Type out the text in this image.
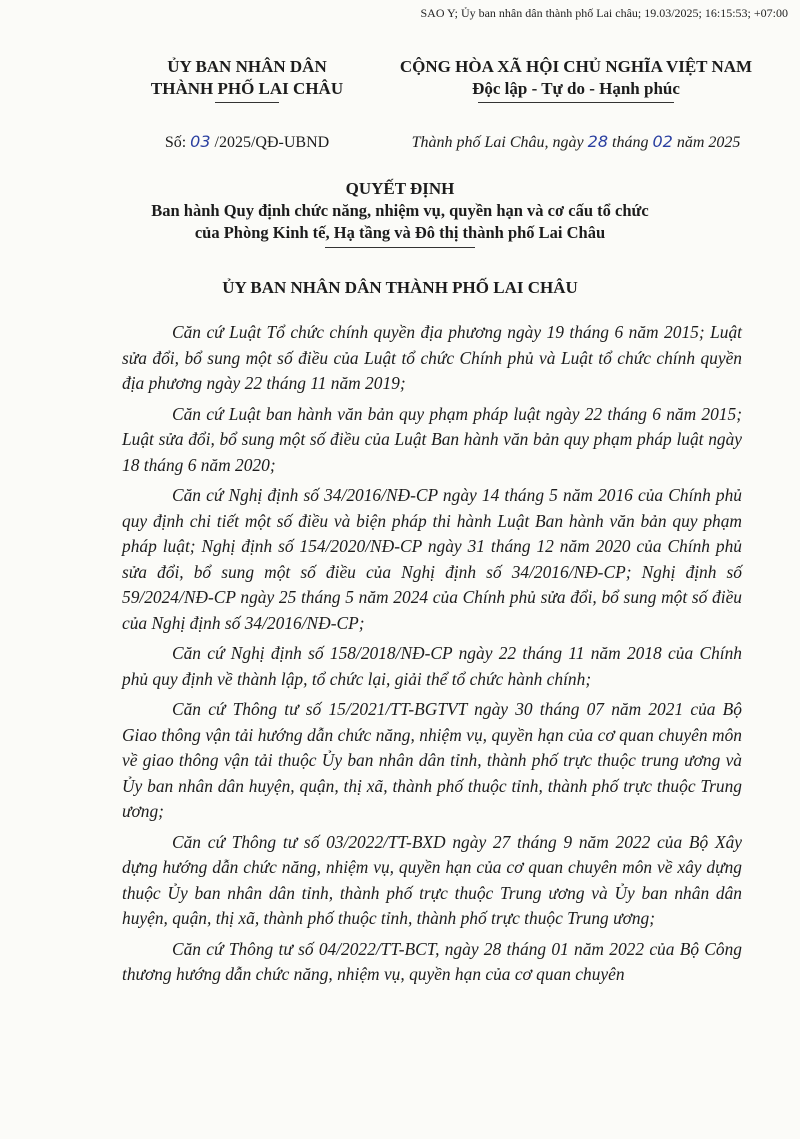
SAO Y; Ủy ban nhân dân thành phố Lai châu; 19.03/2025; 16:15:53; +07:00
ỦY BAN NHÂN DÂN
THÀNH PHỐ LAI CHÂU
CỘNG HÒA XÃ HỘI CHỦ NGHĨA VIỆT NAM
Độc lập - Tự do - Hạnh phúc
Số: 03 /2025/QĐ-UBND	Thành phố Lai Châu, ngày 28 tháng 02 năm 2025
QUYẾT ĐỊNH
Ban hành Quy định chức năng, nhiệm vụ, quyền hạn và cơ cấu tổ chức
của Phòng Kinh tế, Hạ tầng và Đô thị thành phố Lai Châu
ỦY BAN NHÂN DÂN THÀNH PHỐ LAI CHÂU

Căn cứ Luật Tổ chức chính quyền địa phương ngày 19 tháng 6 năm 2015; Luật sửa đổi, bổ sung một số điều của Luật tổ chức Chính phủ và Luật tổ chức chính quyền địa phương ngày 22 tháng 11 năm 2019;

Căn cứ Luật ban hành văn bản quy phạm pháp luật ngày 22 tháng 6 năm 2015; Luật sửa đổi, bổ sung một số điều của Luật Ban hành văn bản quy phạm pháp luật ngày 18 tháng 6 năm 2020;

Căn cứ Nghị định số 34/2016/NĐ-CP ngày 14 tháng 5 năm 2016 của Chính phủ quy định chi tiết một số điều và biện pháp thi hành Luật Ban hành văn bản quy phạm pháp luật; Nghị định số 154/2020/NĐ-CP ngày 31 tháng 12 năm 2020 của Chính phủ sửa đổi, bổ sung một số điều của Nghị định số 34/2016/NĐ-CP; Nghị định số 59/2024/NĐ-CP ngày 25 tháng 5 năm 2024 của Chính phủ sửa đổi, bổ sung một số điều của Nghị định số 34/2016/NĐ-CP;

Căn cứ Nghị định số 158/2018/NĐ-CP ngày 22 tháng 11 năm 2018 của Chính phủ quy định về thành lập, tổ chức lại, giải thể tổ chức hành chính;

Căn cứ Thông tư số 15/2021/TT-BGTVT ngày 30 tháng 07 năm 2021 của Bộ Giao thông vận tải hướng dẫn chức năng, nhiệm vụ, quyền hạn của cơ quan chuyên môn về giao thông vận tải thuộc Ủy ban nhân dân tỉnh, thành phố trực thuộc trung ương và Ủy ban nhân dân huyện, quận, thị xã, thành phố thuộc tỉnh, thành phố trực thuộc Trung ương;

Căn cứ Thông tư số 03/2022/TT-BXD ngày 27 tháng 9 năm 2022 của Bộ Xây dựng hướng dẫn chức năng, nhiệm vụ, quyền hạn của cơ quan chuyên môn về xây dựng thuộc Ủy ban nhân dân tỉnh, thành phố trực thuộc Trung ương và Ủy ban nhân dân huyện, quận, thị xã, thành phố thuộc tỉnh, thành phố trực thuộc Trung ương;

Căn cứ Thông tư số 04/2022/TT-BCT, ngày 28 tháng 01 năm 2022 của Bộ Công thương hướng dẫn chức năng, nhiệm vụ, quyền hạn của cơ quan chuyên
